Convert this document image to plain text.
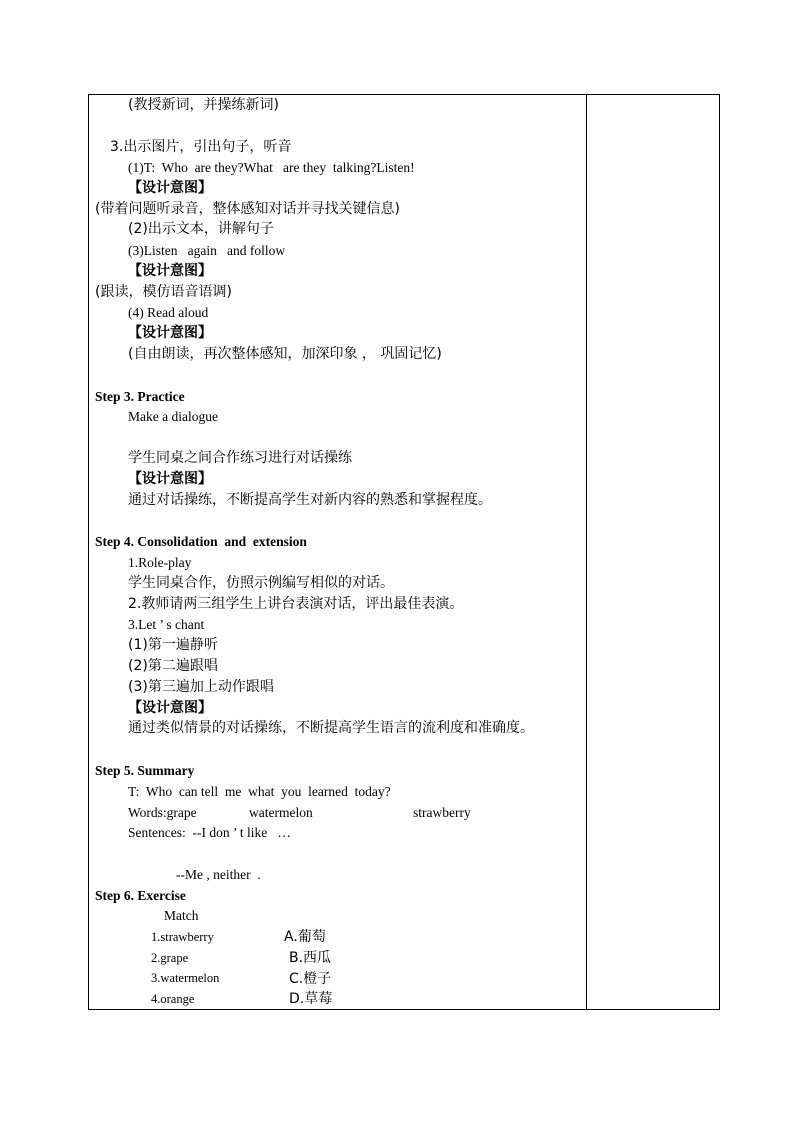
(教授新词，并操练新词)
3.出示图片，引出句子，听音
(1)T:  Who  are they?What   are they  talking?Listen!
【设计意图】
(带着问题听录音，整体感知对话并寻找关键信息)
(2)出示文本，讲解句子
(3)Listen   again   and follow
【设计意图】
(跟读，模仿语音语调)
(4) Read aloud
【设计意图】
(自由朗读，再次整体感知，加深印象 ， 巩固记忆)
Step 3. Practice
Make a dialogue
学生同桌之间合作练习进行对话操练
【设计意图】
通过对话操练，不断提高学生对新内容的熟悉和掌握程度。
Step 4. Consolidation  and  extension
1.Role-play
学生同桌合作，仿照示例编写相似的对话。
2.教师请两三组学生上讲台表演对话，评出最佳表演。
3.Let ’ s chant
(1)第一遍静听
(2)第二遍跟唱
(3)第三遍加上动作跟唱
【设计意图】
通过类似情景的对话操练，不断提高学生语言的流利度和准确度。
Step 5. Summary
T:  Who  can tell  me  what  you  learned  today?
Words:grape	watermelon	strawberry
Sentences:  --I don ’ t like   …
--Me , neither  .
Step 6. Exercise
Match
1.strawberry
2.grape
3.watermelon
4.orange
A.葡萄
B.西瓜
C.橙子
D.草莓
